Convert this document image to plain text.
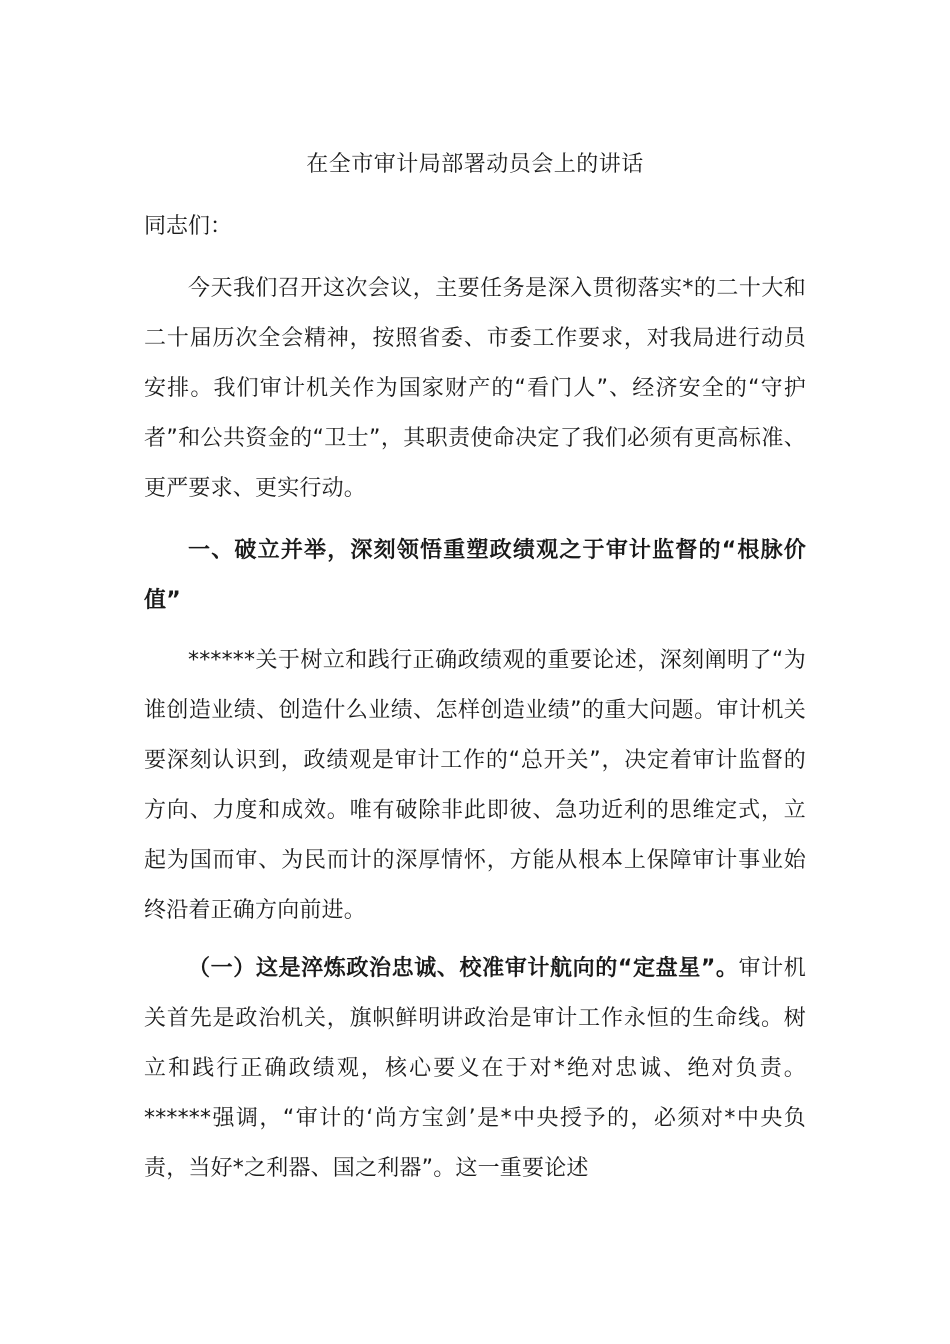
在全市审计局部署动员会上的讲话
同志们：

今天我们召开这次会议，主要任务是深入贯彻落实*的二十大和二十届历次全会精神，按照省委、市委工作要求，对我局进行动员安排。我们审计机关作为国家财产的“看门人”、经济安全的“守护者”和公共资金的“卫士”，其职责使命决定了我们必须有更高标准、更严要求、更实行动。

一、破立并举，深刻领悟重塑政绩观之于审计监督的“根脉价值”

******关于树立和践行正确政绩观的重要论述，深刻阐明了“为谁创造业绩、创造什么业绩、怎样创造业绩”的重大问题。审计机关要深刻认识到，政绩观是审计工作的“总开关”，决定着审计监督的方向、力度和成效。唯有破除非此即彼、急功近利的思维定式，立起为国而审、为民而计的深厚情怀，方能从根本上保障审计事业始终沿着正确方向前进。

（一）这是淬炼政治忠诚、校准审计航向的“定盘星”。审计机关首先是政治机关，旗帜鲜明讲政治是审计工作永恒的生命线。树立和践行正确政绩观，核心要义在于对*绝对忠诚、绝对负责。******强调，“审计的‘尚方宝剑’是*中央授予的，必须对*中央负责，当好*之利器、国之利器”。这一重要论述
